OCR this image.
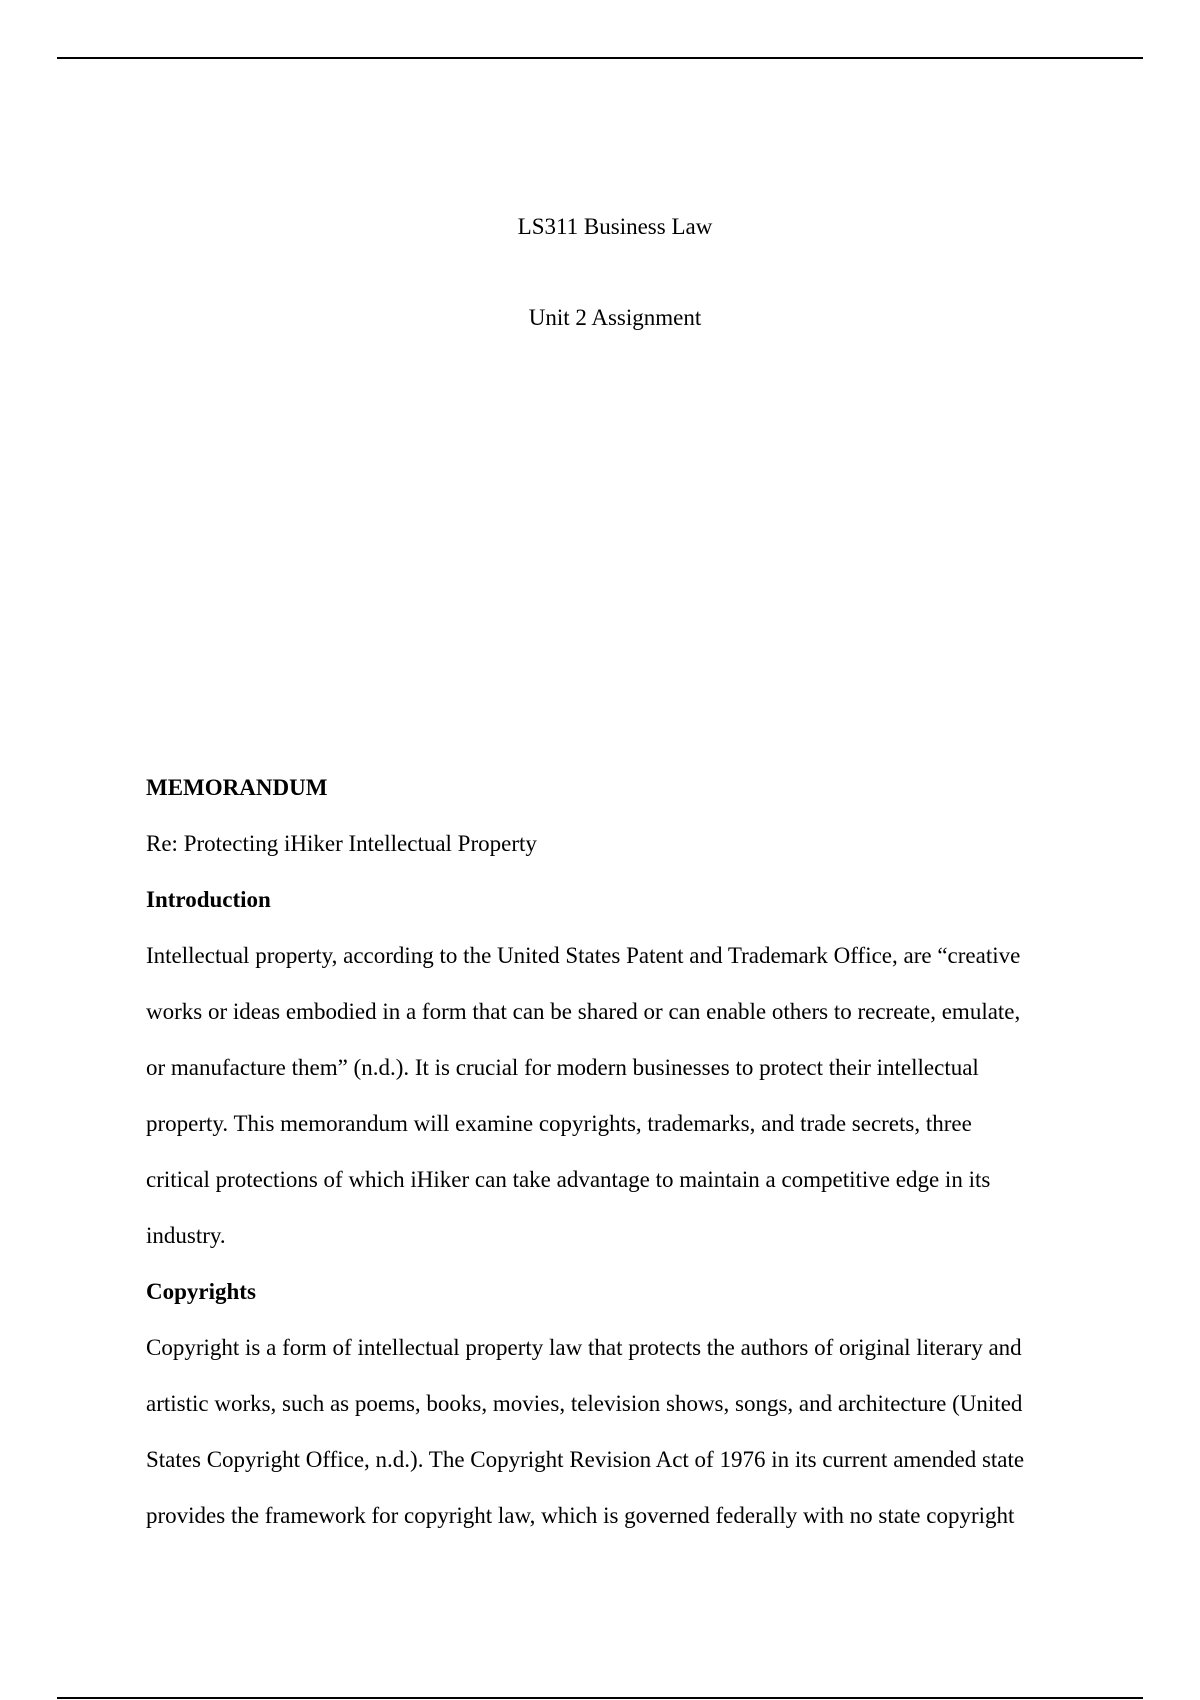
LS311 Business Law
Unit 2 Assignment
MEMORANDUM
Re: Protecting iHiker Intellectual Property
Introduction
Intellectual property, according to the United States Patent and Trademark Office, are “creative
works or ideas embodied in a form that can be shared or can enable others to recreate, emulate,
or manufacture them” (n.d.). It is crucial for modern businesses to protect their intellectual
property. This memorandum will examine copyrights, trademarks, and trade secrets, three
critical protections of which iHiker can take advantage to maintain a competitive edge in its
industry.
Copyrights
Copyright is a form of intellectual property law that protects the authors of original literary and
artistic works, such as poems, books, movies, television shows, songs, and architecture (United
States Copyright Office, n.d.). The Copyright Revision Act of 1976 in its current amended state
provides the framework for copyright law, which is governed federally with no state copyright
